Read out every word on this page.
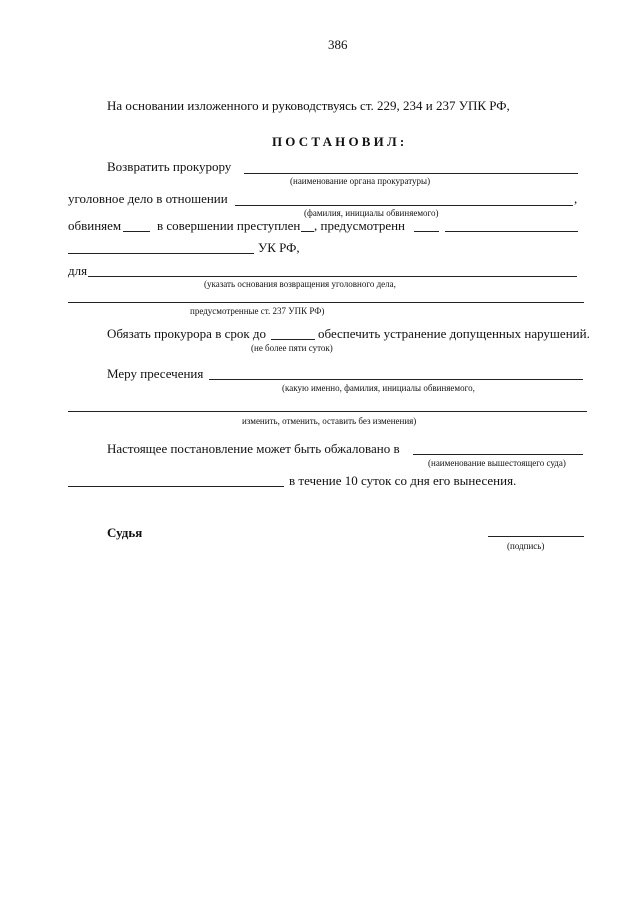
386
На основании изложенного и руководствуясь ст. 229, 234 и 237 УПК РФ,
ПОСТАНОВИЛ:
Возвратить прокурору
(наименование органа прокуратуры)
уголовное дело в отношении	,
(фамилия, инициалы обвиняемого)
обвиняем	в совершении преступлен , предусмотренн
УК РФ,
для
(указать основания возвращения уголовного дела,
предусмотренные ст. 237 УПК РФ)
Обязать прокурора в срок до	обеспечить устранение допущенных нарушений.
(не более пяти суток)
Меру пресечения
(какую именно, фамилия, инициалы обвиняемого,
изменить, отменить, оставить без изменения)
Настоящее постановление может быть обжаловано в
(наименование вышестоящего суда)
в течение 10 суток со дня его вынесения.
Судья
(подпись)
